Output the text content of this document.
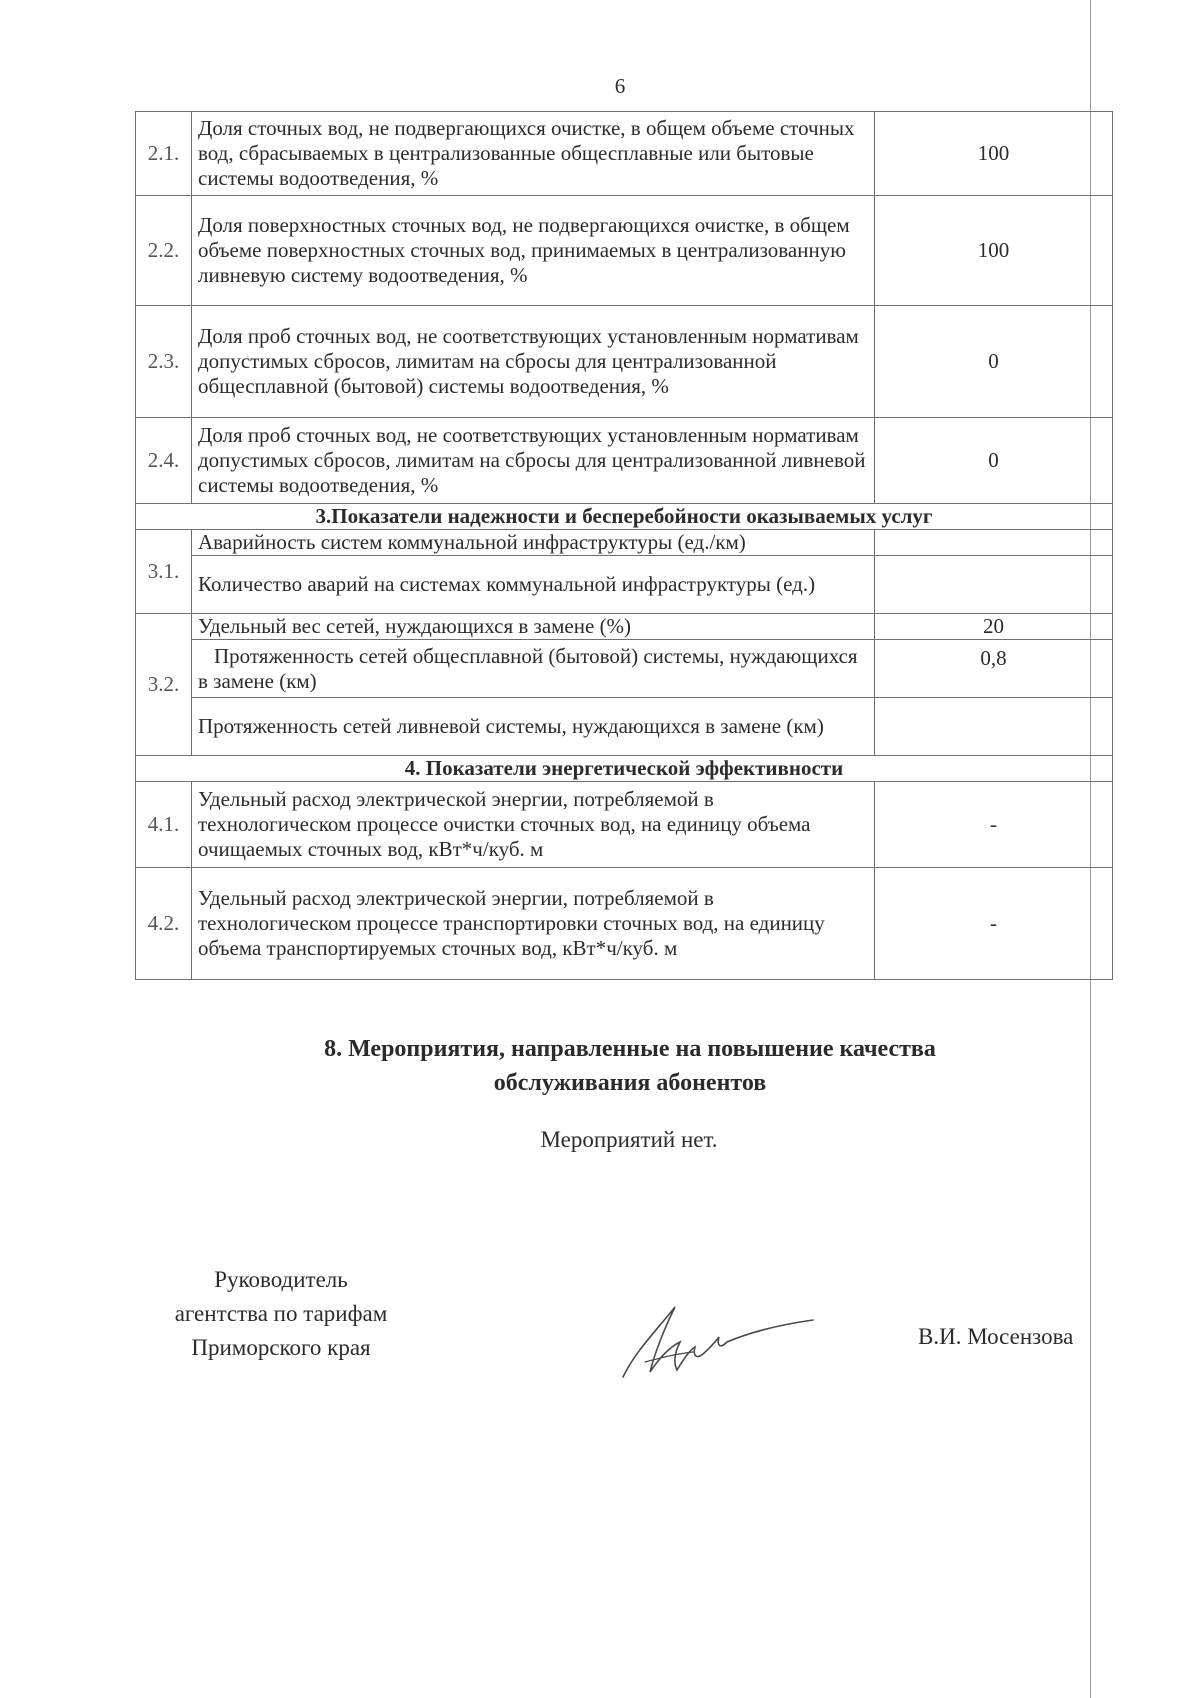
6
2.1.	Доля сточных вод, не подвергающихся очистке, в общем объеме сточных вод, сбрасываемых в централизованные общесплавные или бытовые системы водоотведения, %	100
2.2.	Доля поверхностных сточных вод, не подвергающихся очистке, в общем объеме поверхностных сточных вод, принимаемых в централизованную ливневую систему водоотведения, %	100
2.3.	Доля проб сточных вод, не соответствующих установленным нормативам допустимых сбросов, лимитам на сбросы для централизованной общесплавной (бытовой) системы водоотведения, %	0
2.4.	Доля проб сточных вод, не соответствующих установленным нормативам допустимых сбросов, лимитам на сбросы для централизованной ливневой системы водоотведения, %	0
3.Показатели надежности и бесперебойности оказываемых услуг		
3.1.	Аварийность систем коммунальной инфраструктуры (ед./км)	
	Количество аварий на системах коммунальной инфраструктуры (ед.)	
3.2.	Удельный вес сетей, нуждающихся в замене (%)	20
	Протяженность сетей общесплавной (бытовой) системы, нуждающихся в замене (км)	0,8
	Протяженность сетей ливневой системы, нуждающихся в замене (км)	
4. Показатели энергетической эффективности		
4.1.	Удельный расход электрической энергии, потребляемой в технологическом процессе очистки сточных вод, на единицу объема очищаемых сточных вод, кВт*ч/куб. м	-
4.2.	Удельный расход электрической энергии, потребляемой в технологическом процессе транспортировки сточных вод, на единицу объема транспортируемых сточных вод, кВт*ч/куб. м	-
8. Мероприятия, направленные на повышение качества
обслуживания абонентов
Мероприятий нет.
Руководитель
агентства по тарифам
Приморского края	В.И. Мосензова
